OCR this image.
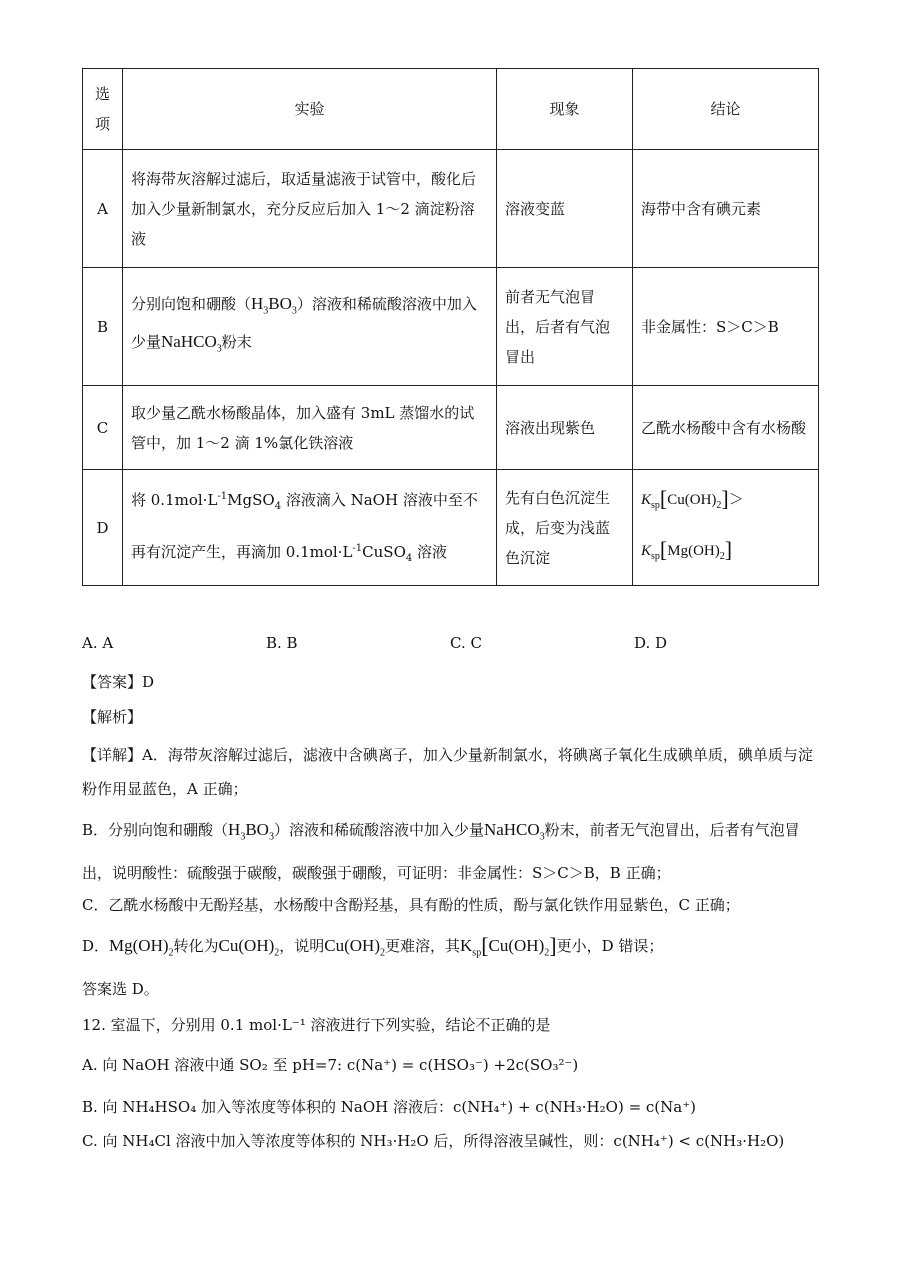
选项	实验	现象	结论
A	将海带灰溶解过滤后，取适量滤液于试管中，酸化后加入少量新制氯水，充分反应后加入 1～2 滴淀粉溶液	溶液变蓝	海带中含有碘元素
B	分别向饱和硼酸$(H_3BO_3)$溶液和稀硫酸溶液中加入少量NaHCO$_3$粉末	前者无气泡冒出，后者有气泡冒出	非金属性：S＞C＞B
C	取少量乙酰水杨酸晶体，加入盛有 3mL 蒸馏水的试管中，加 1～2 滴 1%氯化铁溶液	溶液出现紫色	乙酰水杨酸中含有水杨酸
D	将 $0.1mol\cdot L^{-1}MgSO_4$ 溶液滴入 NaOH 溶液中至不再有沉淀产生，再滴加 $0.1mol\cdot L^{-1}CuSO_4$ 溶液	先有白色沉淀生成，后变为浅蓝色沉淀	$K_{sp}[Cu(OH)_2]>$
$K_{sp}[Mg(OH)_2]$
A. A	B. B	C. C	D. D
【答案】D
【解析】
【详解】A．海带灰溶解过滤后，滤液中含碘离子，加入少量新制氯水，将碘离子氧化生成碘单质，碘单质与淀粉作用显蓝色，A 正确；
B．分别向饱和硼酸$(H_3BO_3)$溶液和稀硫酸溶液中加入少量NaHCO$_3$粉末，前者无气泡冒出，后者有气泡冒出，说明酸性：硫酸强于碳酸，碳酸强于硼酸，可证明：非金属性：S＞C＞B，B 正确；
C．乙酰水杨酸中无酚羟基，水杨酸中含酚羟基，具有酚的性质，酚与氯化铁作用显紫色，C 正确；
D．$Mg(OH)_2$转化为$Cu(OH)_2$，说明$Cu(OH)_2$更难溶，其$K_{sp}[Cu(OH)_2]$更小，D 错误；
答案选 D。
12. 室温下，分别用 0.1 mol·L⁻¹ 溶液进行下列实验，结论不正确的是
A. 向 NaOH 溶液中通 SO₂ 至 pH=7: c(Na⁺) = c(HSO₃⁻) +2c(SO₃²⁻)
B. 向 NH₄HSO₄ 加入等浓度等体积的 NaOH 溶液后：c(NH₄⁺) + c(NH₃·H₂O) = c(Na⁺)
C. 向 NH₄Cl 溶液中加入等浓度等体积的 NH₃·H₂O 后，所得溶液呈碱性，则：c(NH₄⁺) < c(NH₃·H₂O)
